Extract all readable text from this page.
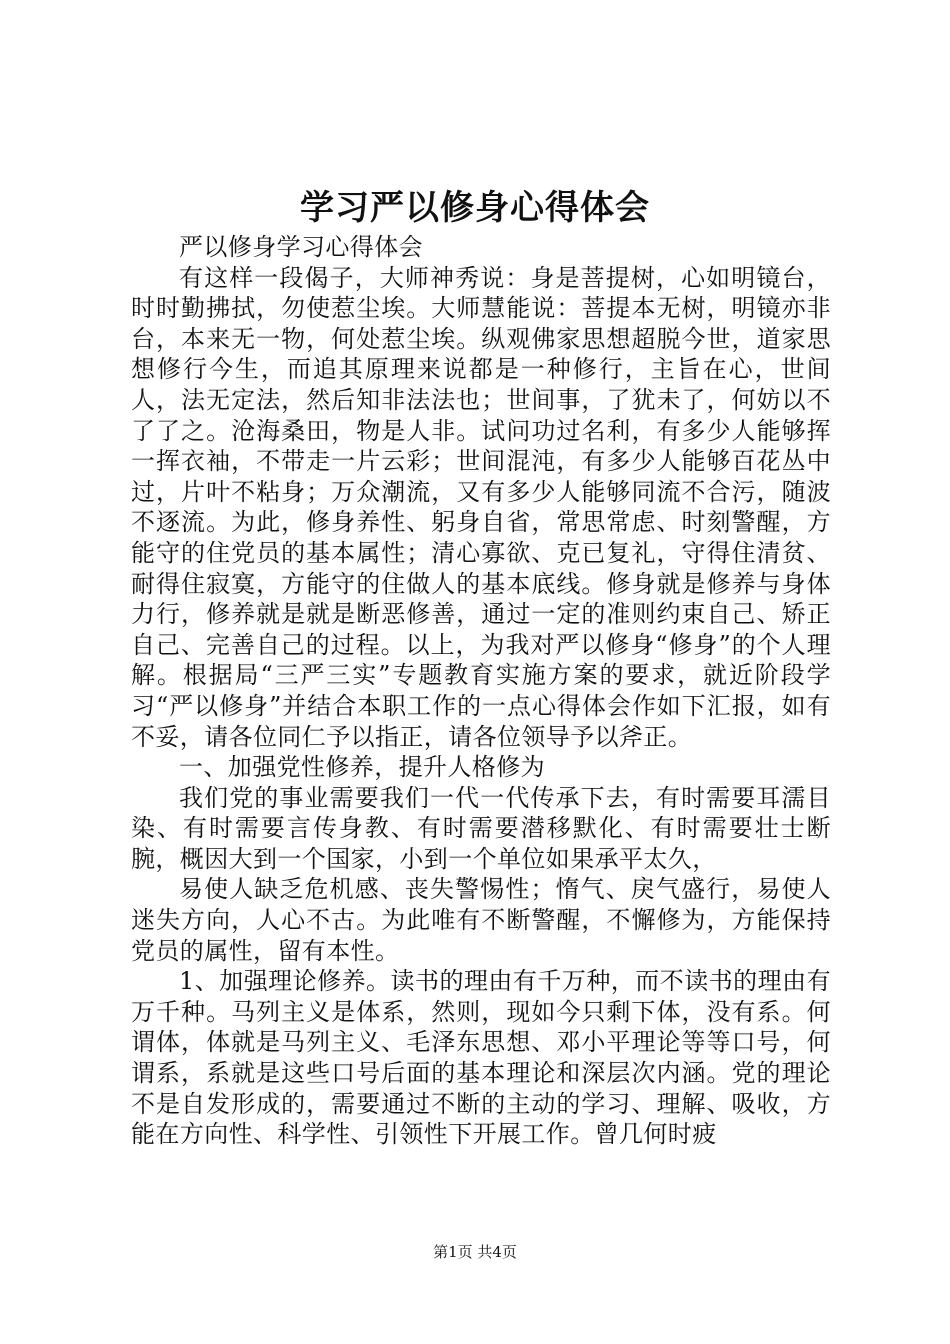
学习严以修身心得体会

严以修身学习心得体会

有这样一段偈子，大师神秀说：身是菩提树，心如明镜台，时时勤拂拭，勿使惹尘埃。大师慧能说：菩提本无树，明镜亦非台，本来无一物，何处惹尘埃。纵观佛家思想超脱今世，道家思想修行今生，而追其原理来说都是一种修行，主旨在心，世间人，法无定法，然后知非法法也；世间事，了犹未了，何妨以不了了之。沧海桑田，物是人非。试问功过名利，有多少人能够挥一挥衣袖，不带走一片云彩；世间混沌，有多少人能够百花丛中过，片叶不粘身；万众潮流，又有多少人能够同流不合污，随波不逐流。为此，修身养性、躬身自省，常思常虑、时刻警醒，方能守的住党员的基本属性；清心寡欲、克已复礼，守得住清贫、耐得住寂寞，方能守的住做人的基本底线。修身就是修养与身体力行，修养就是就是断恶修善，通过一定的准则约束自己、矫正自己、完善自己的过程。以上，为我对严以修身“修身”的个人理解。根据局“三严三实”专题教育实施方案的要求，就近阶段学习“严以修身”并结合本职工作的一点心得体会作如下汇报，如有不妥，请各位同仁予以指正，请各位领导予以斧正。

一、加强党性修养，提升人格修为

我们党的事业需要我们一代一代传承下去，有时需要耳濡目染、有时需要言传身教、有时需要潜移默化、有时需要壮士断腕，概因大到一个国家，小到一个单位如果承平太久，

易使人缺乏危机感、丧失警惕性；惰气、戾气盛行，易使人迷失方向，人心不古。为此唯有不断警醒，不懈修为，方能保持党员的属性，留有本性。

1、加强理论修养。读书的理由有千万种，而不读书的理由有万千种。马列主义是体系，然则，现如今只剩下体，没有系。何谓体，体就是马列主义、毛泽东思想、邓小平理论等等口号，何谓系，系就是这些口号后面的基本理论和深层次内涵。党的理论不是自发形成的，需要通过不断的主动的学习、理解、吸收，方能在方向性、科学性、引领性下开展工作。曾几何时疲

第1页 共4页
